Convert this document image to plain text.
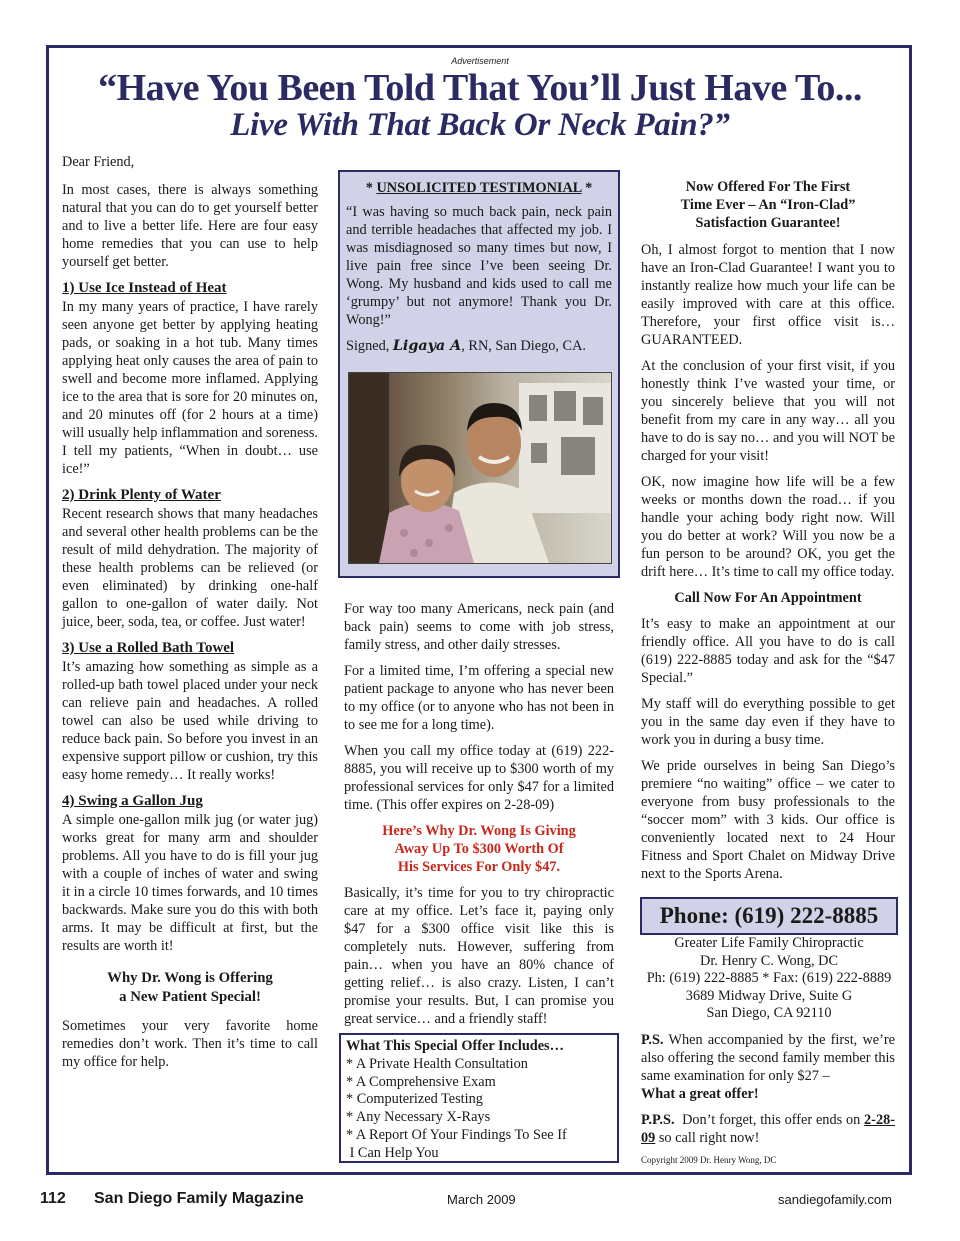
Advertisement
“Have You Been Told That You’ll Just Have To...
Live With That Back Or Neck Pain?”

Dear Friend,

In most cases, there is always something natural that you can do to get yourself better and to live a better life. Here are four easy home remedies that you can use to help yourself get better.

1) Use Ice Instead of Heat

In my many years of practice, I have rarely seen anyone get better by applying heating pads, or soaking in a hot tub. Many times applying heat only causes the area of pain to swell and become more inflamed. Applying ice to the area that is sore for 20 minutes on, and 20 minutes off (for 2 hours at a time) will usually help inflammation and soreness. I tell my patients, “When in doubt… use ice!”

2) Drink Plenty of Water

Recent research shows that many headaches and several other health problems can be the result of mild dehydration. The majority of these health problems can be relieved (or even eliminated) by drinking one-half gallon to one-gallon of water daily. Not juice, beer, soda, tea, or coffee. Just water!

3) Use a Rolled Bath Towel

It’s amazing how something as simple as a rolled-up bath towel placed under your neck can relieve pain and headaches. A rolled towel can also be used while driving to reduce back pain. So before you invest in an expensive support pillow or cushion, try this easy home remedy… It really works!

4) Swing a Gallon Jug

A simple one-gallon milk jug (or water jug) works great for many arm and shoulder problems. All you have to do is fill your jug with a couple of inches of water and swing it in a circle 10 times forwards, and 10 times backwards. Make sure you do this with both arms. It may be difficult at first, but the results are worth it!

Why Dr. Wong is Offering
a New Patient Special!

Sometimes your very favorite home remedies don’t work. Then it’s time to call my office for help.

* UNSOLICITED TESTIMONIAL *

“I was having so much back pain, neck pain and terrible headaches that affected my job. I was misdiagnosed so many times but now, I live pain free since I’ve been seeing Dr. Wong. My husband and kids used to call me ‘grumpy’ but not anymore! Thank you Dr. Wong!”

Signed, Ligaya A, RN, San Diego, CA.

For way too many Americans, neck pain (and back pain) seems to come with job stress, family stress, and other daily stresses.

For a limited time, I’m offering a special new patient package to anyone who has never been to my office (or to anyone who has not been in to see me for a long time).

When you call my office today at (619) 222-8885, you will receive up to $300 worth of my professional services for only $47 for a limited time. (This offer expires on 2-28-09)

Here’s Why Dr. Wong Is Giving
Away Up To $300 Worth Of
His Services For Only $47.

Basically, it’s time for you to try chiropractic care at my office. Let’s face it, paying only $47 for a $300 office visit like this is completely nuts. However, suffering from pain… when you have an 80% chance of getting relief… is also crazy. Listen, I can’t promise your results. But, I can promise you great service… and a friendly staff!

What This Special Offer Includes…
* A Private Health Consultation
* A Comprehensive Exam
* Computerized Testing
* Any Necessary X-Rays
* A Report Of Your Findings To See If
I Can Help You

Now Offered For The First
Time Ever – An “Iron-Clad”
Satisfaction Guarantee!

Oh, I almost forgot to mention that I now have an Iron-Clad Guarantee! I want you to instantly realize how much your life can be easily improved with care at this office. Therefore, your first office visit is… GUARANTEED.

At the conclusion of your first visit, if you honestly think I’ve wasted your time, or you sincerely believe that you will not benefit from my care in any way… all you have to do is say no… and you will NOT be charged for your visit!

OK, now imagine how life will be a few weeks or months down the road… if you handle your aching body right now. Will you do better at work? Will you now be a fun person to be around? OK, you get the drift here… It’s time to call my office today.

Call Now For An Appointment

It’s easy to make an appointment at our friendly office. All you have to do is call (619) 222-8885 today and ask for the “$47 Special.”

My staff will do everything possible to get you in the same day even if they have to work you in during a busy time.

We pride ourselves in being San Diego’s premiere “no waiting” office – we cater to everyone from busy professionals to the “soccer mom” with 3 kids. Our office is conveniently located next to 24 Hour Fitness and Sport Chalet on Midway Drive next to the Sports Arena.

Phone: (619) 222-8885
Greater Life Family Chiropractic
Dr. Henry C. Wong, DC
Ph: (619) 222-8885 * Fax: (619) 222-8889
3689 Midway Drive, Suite G
San Diego, CA 92110

P.S. When accompanied by the first, we’re also offering the second family member this same examination for only $27 –
What a great offer!

P.P.S.  Don’t forget, this offer ends on 2-28-09 so call right now!

Copyright 2009 Dr. Henry Wong, DC

112 San Diego Family Magazine	March 2009	sandiegofamily.com
